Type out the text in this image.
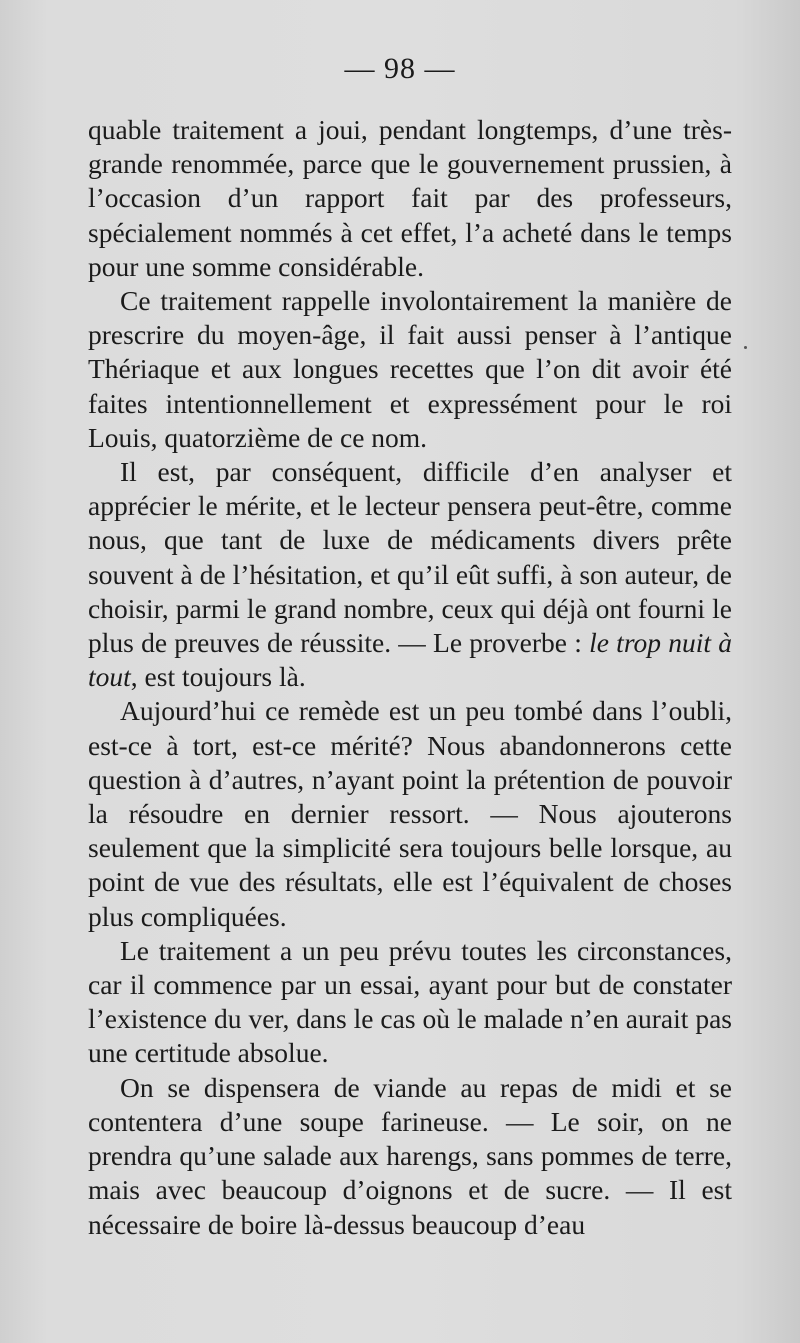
— 98 —

quable traitement a joui, pendant longtemps, d’une très-grande renommée, parce que le gouvernement prussien, à l’occasion d’un rapport fait par des professeurs, spécialement nommés à cet effet, l’a acheté dans le temps pour une somme considérable.

Ce traitement rappelle involontairement la manière de prescrire du moyen-âge, il fait aussi penser à l’antique Thériaque et aux longues recettes que l’on dit avoir été faites intentionnellement et expressément pour le roi Louis, quatorzième de ce nom.

Il est, par conséquent, difficile d’en analyser et apprécier le mérite, et le lecteur pensera peut-être, comme nous, que tant de luxe de médicaments divers prête souvent à de l’hésitation, et qu’il eût suffi, à son auteur, de choisir, parmi le grand nombre, ceux qui déjà ont fourni le plus de preuves de réussite. — Le proverbe : le trop nuit à tout, est toujours là.

Aujourd’hui ce remède est un peu tombé dans l’oubli, est-ce à tort, est-ce mérité? Nous abandonnerons cette question à d’autres, n’ayant point la prétention de pouvoir la résoudre en dernier ressort. — Nous ajouterons seulement que la simplicité sera toujours belle lorsque, au point de vue des résultats, elle est l’équivalent de choses plus compliquées.

Le traitement a un peu prévu toutes les circonstances, car il commence par un essai, ayant pour but de constater l’existence du ver, dans le cas où le malade n’en aurait pas une certitude absolue.

On se dispensera de viande au repas de midi et se contentera d’une soupe farineuse. — Le soir, on ne prendra qu’une salade aux harengs, sans pommes de terre, mais avec beaucoup d’oignons et de sucre. — Il est nécessaire de boire là-dessus beaucoup d’eau
